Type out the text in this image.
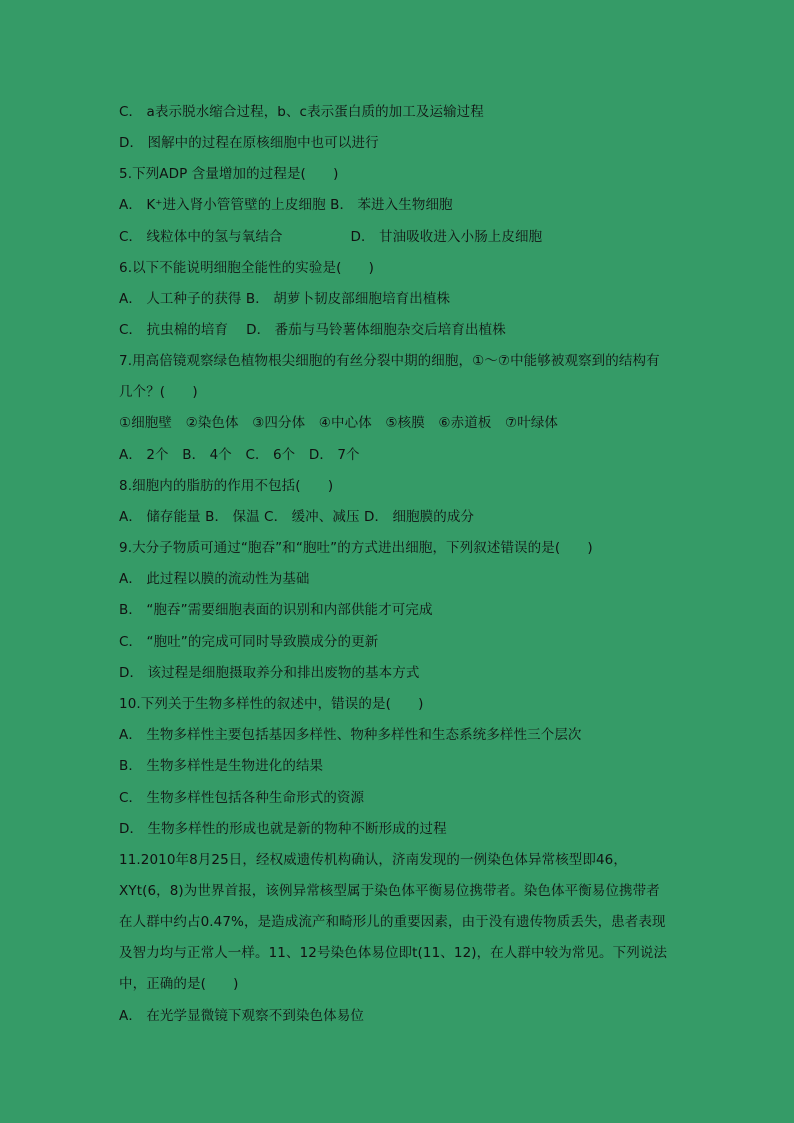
C． a表示脱水缩合过程，b、c表示蛋白质的加工及运输过程
D． 图解中的过程在原核细胞中也可以进行
5.下列ADP 含量增加的过程是(　　)
A． K⁺进入肾小管管壁的上皮细胞 B． 苯进入生物细胞
C． 线粒体中的氢与氧结合　　　　　D． 甘油吸收进入小肠上皮细胞
6.以下不能说明细胞全能性的实验是(　　)
A． 人工种子的获得 B． 胡萝卜韧皮部细胞培育出植株
C． 抗虫棉的培育　 D． 番茄与马铃薯体细胞杂交后培育出植株
7.用高倍镜观察绿色植物根尖细胞的有丝分裂中期的细胞，①～⑦中能够被观察到的结构有
几个？(　　)
①细胞壁　②染色体　③四分体　④中心体　⑤核膜　⑥赤道板　⑦叶绿体
A． 2个　B． 4个　C． 6个　D． 7个
8.细胞内的脂肪的作用不包括(　　)
A． 储存能量 B． 保温 C． 缓冲、减压 D． 细胞膜的成分
9.大分子物质可通过“胞吞”和“胞吐”的方式进出细胞，下列叙述错误的是(　　)
A． 此过程以膜的流动性为基础
B． “胞吞”需要细胞表面的识别和内部供能才可完成
C． “胞吐”的完成可同时导致膜成分的更新
D． 该过程是细胞摄取养分和排出废物的基本方式
10.下列关于生物多样性的叙述中，错误的是(　　)
A． 生物多样性主要包括基因多样性、物种多样性和生态系统多样性三个层次
B． 生物多样性是生物进化的结果
C． 生物多样性包括各种生命形式的资源
D． 生物多样性的形成也就是新的物种不断形成的过程
11.2010年8月25日，经权威遗传机构确认，济南发现的一例染色体异常核型即46，
XYt(6，8)为世界首报，该例异常核型属于染色体平衡易位携带者。染色体平衡易位携带者
在人群中约占0.47%，是造成流产和畸形儿的重要因素，由于没有遗传物质丢失，患者表现
及智力均与正常人一样。11、12号染色体易位即t(11、12)，在人群中较为常见。下列说法
中，正确的是(　　)
A． 在光学显微镜下观察不到染色体易位
